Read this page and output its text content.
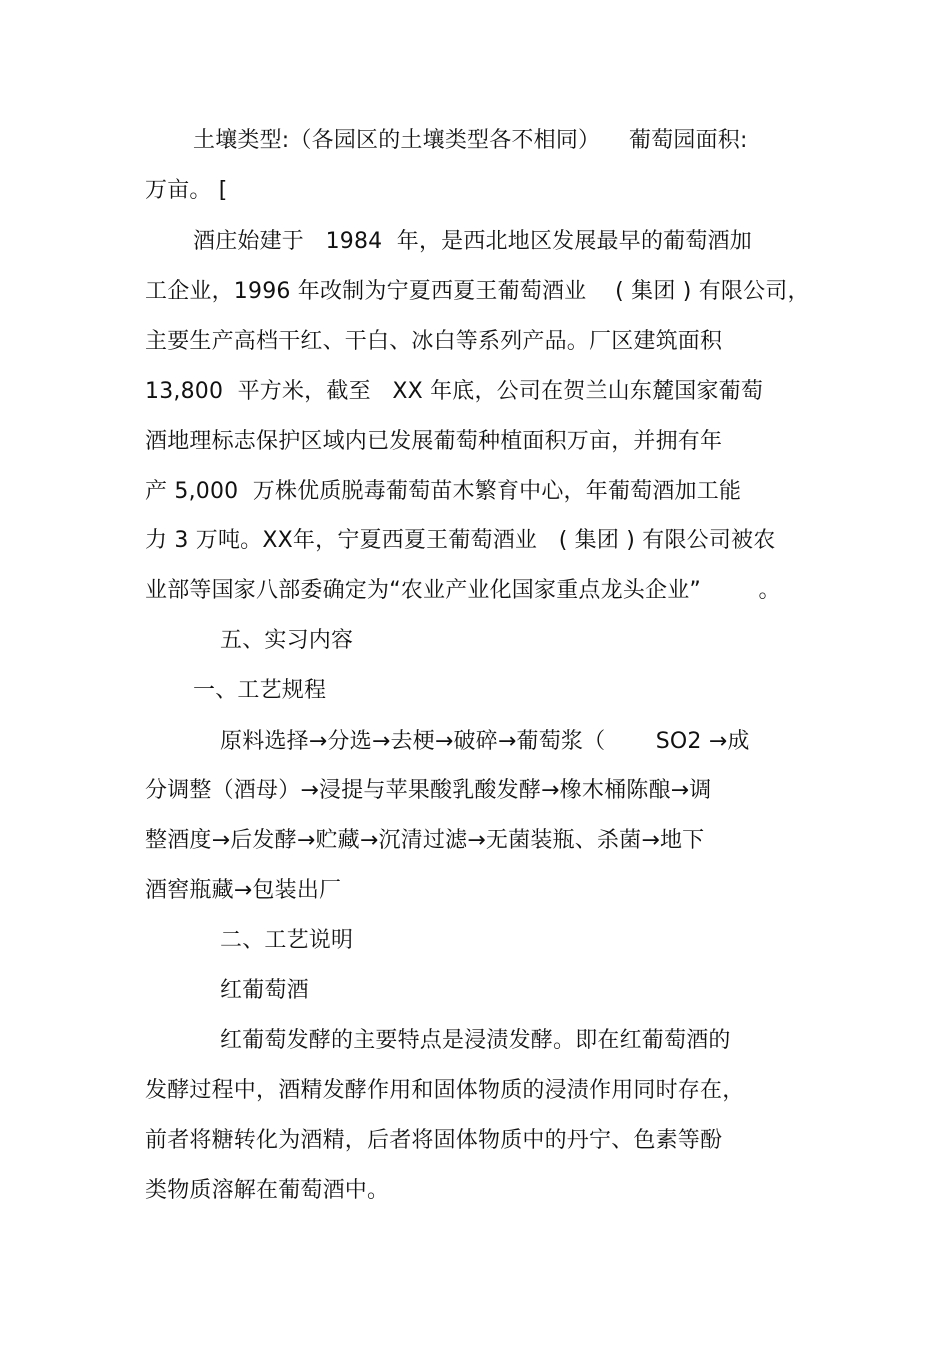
土壤类型:（各园区的土壤类型各不相同）    葡萄园面积:
万亩。 [
酒庄始建于   1984  年，是西北地区发展最早的葡萄酒加
工企业，1996 年改制为宁夏西夏王葡萄酒业    ( 集团 ) 有限公司，
主要生产高档干红、干白、冰白等系列产品。厂区建筑面积
13,800  平方米，截至   XX 年底，公司在贺兰山东麓国家葡萄
酒地理标志保护区域内已发展葡萄种植面积万亩，并拥有年
产 5,000  万株优质脱毒葡萄苗木繁育中心，年葡萄酒加工能
力 3 万吨。XX年，宁夏西夏王葡萄酒业   ( 集团 ) 有限公司被农
业部等国家八部委确定为“农业产业化国家重点龙头企业”        。
五、实习内容
一、工艺规程
原料选择→分选→去梗→破碎→葡萄浆（       SO2 →成
分调整（酒母）→浸提与苹果酸乳酸发酵→橡木桶陈酿→调
整酒度→后发酵→贮藏→沉清过滤→无菌装瓶、杀菌→地下
酒窖瓶藏→包装出厂
二、工艺说明
红葡萄酒
红葡萄发酵的主要特点是浸渍发酵。即在红葡萄酒的
发酵过程中，酒精发酵作用和固体物质的浸渍作用同时存在，
前者将糖转化为酒精，后者将固体物质中的丹宁、色素等酚
类物质溶解在葡萄酒中。
